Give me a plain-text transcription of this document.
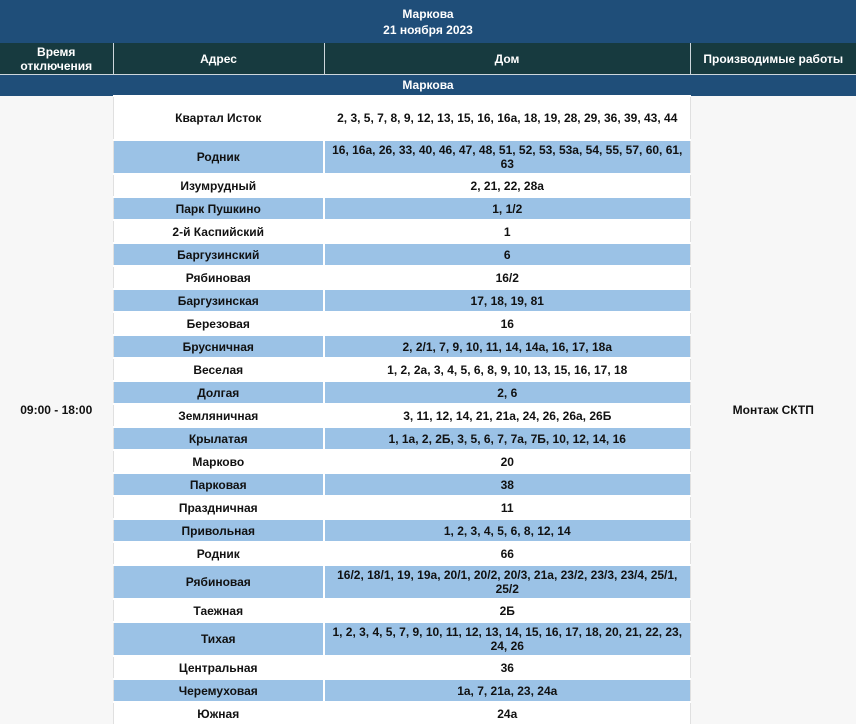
Маркова
21 ноября 2023
Время отключения	Адрес	Дом	Производимые работы
Маркова			
09:00 - 18:00	Квартал Исток	2, 3, 5, 7, 8, 9, 12, 13, 15, 16, 16а, 18, 19, 28, 29, 36, 39, 43, 44	Монтаж СКТП
	Родник	16, 16а, 26, 33, 40, 46, 47, 48, 51, 52, 53, 53а, 54, 55, 57, 60, 61, 63	
	Изумрудный	2, 21, 22, 28а	
	Парк Пушкино	1, 1/2	
	2-й Каспийский	1	
	Баргузинский	6	
	Рябиновая	16/2	
	Баргузинская	17, 18, 19, 81	
	Березовая	16	
	Брусничная	2, 2/1, 7, 9, 10, 11, 14, 14а, 16, 17, 18а	
	Веселая	1, 2, 2а, 3, 4, 5, 6, 8, 9, 10, 13, 15, 16, 17, 18	
	Долгая	2, 6	
	Земляничная	3, 11, 12, 14, 21, 21а, 24, 26, 26а, 26Б	
	Крылатая	1, 1а, 2, 2Б, 3, 5, 6, 7, 7а, 7Б, 10, 12, 14, 16	
	Марково	20	
	Парковая	38	
	Праздничная	11	
	Привольная	1, 2, 3, 4, 5, 6, 8, 12, 14	
	Родник	66	
	Рябиновая	16/2, 18/1, 19, 19а, 20/1, 20/2, 20/3, 21а, 23/2, 23/3, 23/4, 25/1, 25/2	
	Таежная	2Б	
	Тихая	1, 2, 3, 4, 5, 7, 9, 10, 11, 12, 13, 14, 15, 16, 17, 18, 20, 21, 22, 23, 24, 26	
	Центральная	36	
	Черемуховая	1а, 7, 21а, 23, 24а	
	Южная	24а	
